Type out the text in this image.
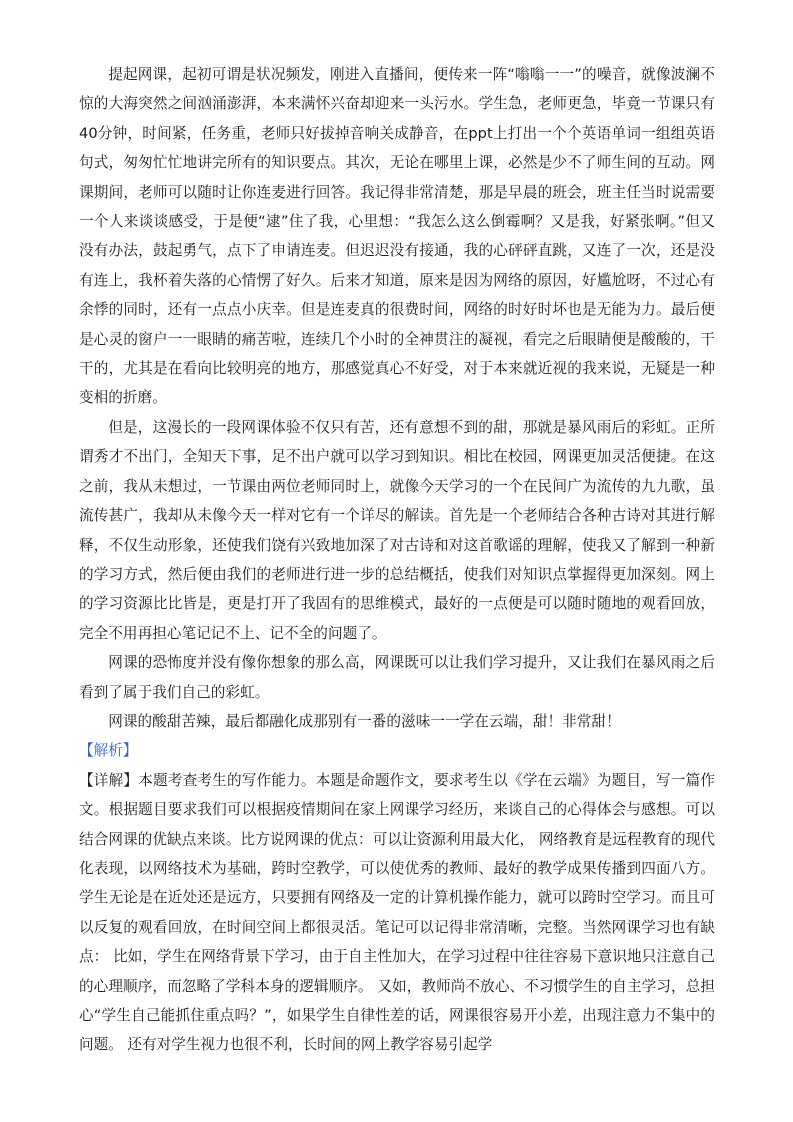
提起网课，起初可谓是状况频发，刚进入直播间，便传来一阵“嗡嗡一一”的噪音，就像波澜不惊的大海突然之间汹涌澎湃，本来满怀兴奋却迎来一头污水。学生急，老师更急，毕竟一节课只有40分钟，时间紧，任务重，老师只好拔掉音响关成静音，在ppt上打出一个个英语单词一组组英语句式，匆匆忙忙地讲完所有的知识要点。其次，无论在哪里上课，必然是少不了师生间的互动。网课期间，老师可以随时让你连麦进行回答。我记得非常清楚，那是早晨的班会，班主任当时说需要一个人来谈谈感受，于是便“逮”住了我，心里想：“我怎么这么倒霉啊？又是我，好紧张啊。”但又没有办法，鼓起勇气，点下了申请连麦。但迟迟没有接通，我的心砰砰直跳，又连了一次，还是没有连上，我杯着失落的心情愣了好久。后来才知道，原来是因为网络的原因，好尴尬呀，不过心有余悸的同时，还有一点点小庆幸。但是连麦真的很费时间，网络的时好时坏也是无能为力。最后便是心灵的窗户一一眼睛的痛苦啦，连续几个小时的全神贯注的凝视，看完之后眼睛便是酸酸的，干干的，尤其是在看向比较明亮的地方，那感觉真心不好受，对于本来就近视的我来说，无疑是一种变相的折磨。

但是，这漫长的一段网课体验不仅只有苦，还有意想不到的甜，那就是暴风雨后的彩虹。正所谓秀才不出门，全知天下事，足不出户就可以学习到知识。相比在校园，网课更加灵活便捷。在这之前，我从未想过，一节课由两位老师同时上，就像今天学习的一个在民间广为流传的九九歌，虽流传甚广，我却从未像今天一样对它有一个详尽的解读。首先是一个老师结合各种古诗对其进行解释，不仅生动形象，还使我们饶有兴致地加深了对古诗和对这首歌谣的理解，使我又了解到一种新的学习方式，然后便由我们的老师进行进一步的总结概括，使我们对知识点掌握得更加深刻。网上的学习资源比比皆是，更是打开了我固有的思维模式，最好的一点便是可以随时随地的观看回放，完全不用再担心笔记记不上、记不全的问题了。

网课的恐怖度并没有像你想象的那么高，网课既可以让我们学习提升，又让我们在暴风雨之后看到了属于我们自己的彩虹。

网课的酸甜苦辣，最后都融化成那别有一番的滋味一一学在云端，甜！非常甜！

【解析】

【详解】本题考查考生的写作能力。本题是命题作文，要求考生以《学在云端》为题目，写一篇作文。根据题目要求我们可以根据疫情期间在家上网课学习经历，来谈自己的心得体会与感想。可以结合网课的优缺点来谈。比方说网课的优点：可以让资源利用最大化， 网络教育是远程教育的现代化表现，以网络技术为基础，跨时空教学，可以使优秀的教师、最好的教学成果传播到四面八方。学生无论是在近处还是远方，只要拥有网络及一定的计算机操作能力，就可以跨时空学习。而且可以反复的观看回放，在时间空间上都很灵活。笔记可以记得非常清晰，完整。当然网课学习也有缺点： 比如，学生在网络背景下学习，由于自主性加大，在学习过程中往往容易下意识地只注意自己的心理顺序，而忽略了学科本身的逻辑顺序。 又如，教师尚不放心、不习惯学生的自主学习，总担心“学生自己能抓住重点吗？”，如果学生自律性差的话，网课很容易开小差，出现注意力不集中的问题。 还有对学生视力也很不利，长时间的网上教学容易引起学
